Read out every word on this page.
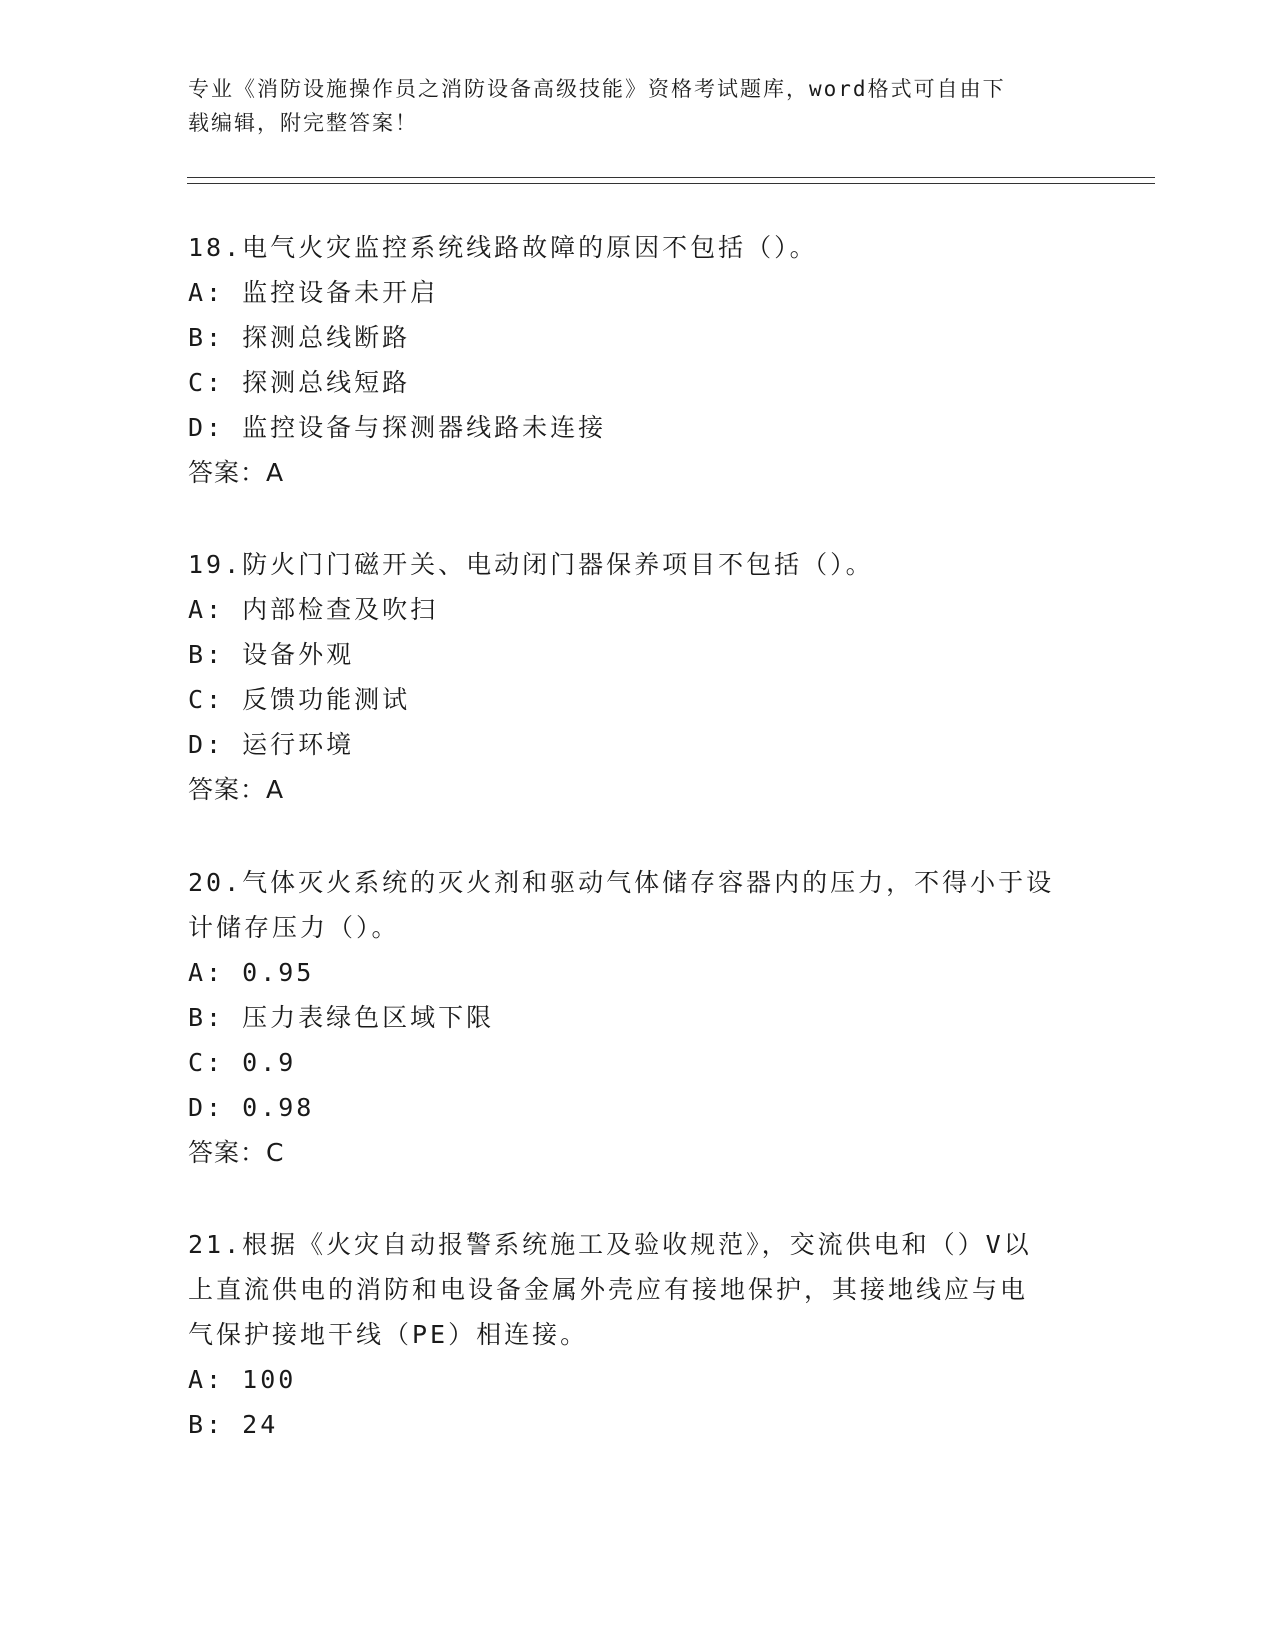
专业《消防设施操作员之消防设备高级技能》资格考试题库，word格式可自由下

载编辑，附完整答案！

18.电气火灾监控系统线路故障的原因不包括（）。

A: 监控设备未开启

B: 探测总线断路

C: 探测总线短路

D: 监控设备与探测器线路未连接

答案：A

19.防火门门磁开关、电动闭门器保养项目不包括（）。

A: 内部检查及吹扫

B: 设备外观

C: 反馈功能测试

D: 运行环境

答案：A

20.气体灭火系统的灭火剂和驱动气体储存容器内的压力，不得小于设

计储存压力（）。

A: 0.95

B: 压力表绿色区域下限

C: 0.9

D: 0.98

答案：C

21.根据《火灾自动报警系统施工及验收规范》，交流供电和（）V以

上直流供电的消防和电设备金属外壳应有接地保护，其接地线应与电

气保护接地干线（PE）相连接。

A: 100

B: 24
